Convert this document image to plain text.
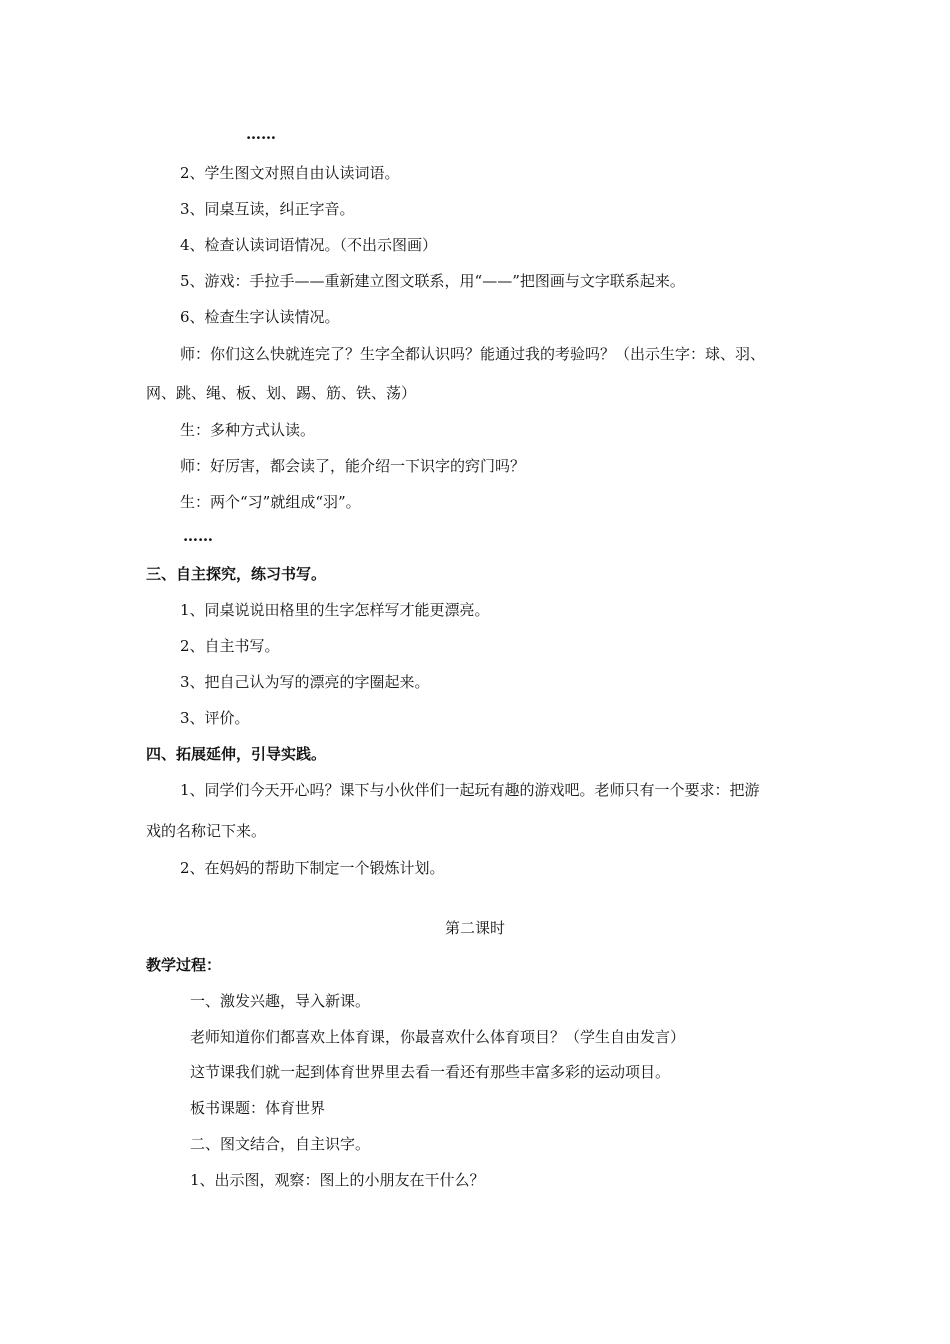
……
2、学生图文对照自由认读词语。
3、同桌互读，纠正字音。
4、检查认读词语情况。（不出示图画）
5、游戏：手拉手——重新建立图文联系，用“——”把图画与文字联系起来。
6、检查生字认读情况。
师：你们这么快就连完了？生字全都认识吗？能通过我的考验吗？（出示生字：球、羽、
网、跳、绳、板、划、踢、筋、铁、荡）
生：多种方式认读。
师：好厉害，都会读了，能介绍一下识字的窍门吗？
生：两个“习”就组成“羽”。
……
三、自主探究，练习书写。
1、同桌说说田格里的生字怎样写才能更漂亮。
2、自主书写。
3、把自己认为写的漂亮的字圈起来。
3、评价。
四、拓展延伸，引导实践。
1、同学们今天开心吗？课下与小伙伴们一起玩有趣的游戏吧。老师只有一个要求：把游
戏的名称记下来。
2、在妈妈的帮助下制定一个锻炼计划。
第二课时
教学过程：
一、激发兴趣，导入新课。
老师知道你们都喜欢上体育课，你最喜欢什么体育项目？（学生自由发言）
这节课我们就一起到体育世界里去看一看还有那些丰富多彩的运动项目。
板书课题：体育世界
二、图文结合，自主识字。
1、出示图，观察：图上的小朋友在干什么？
